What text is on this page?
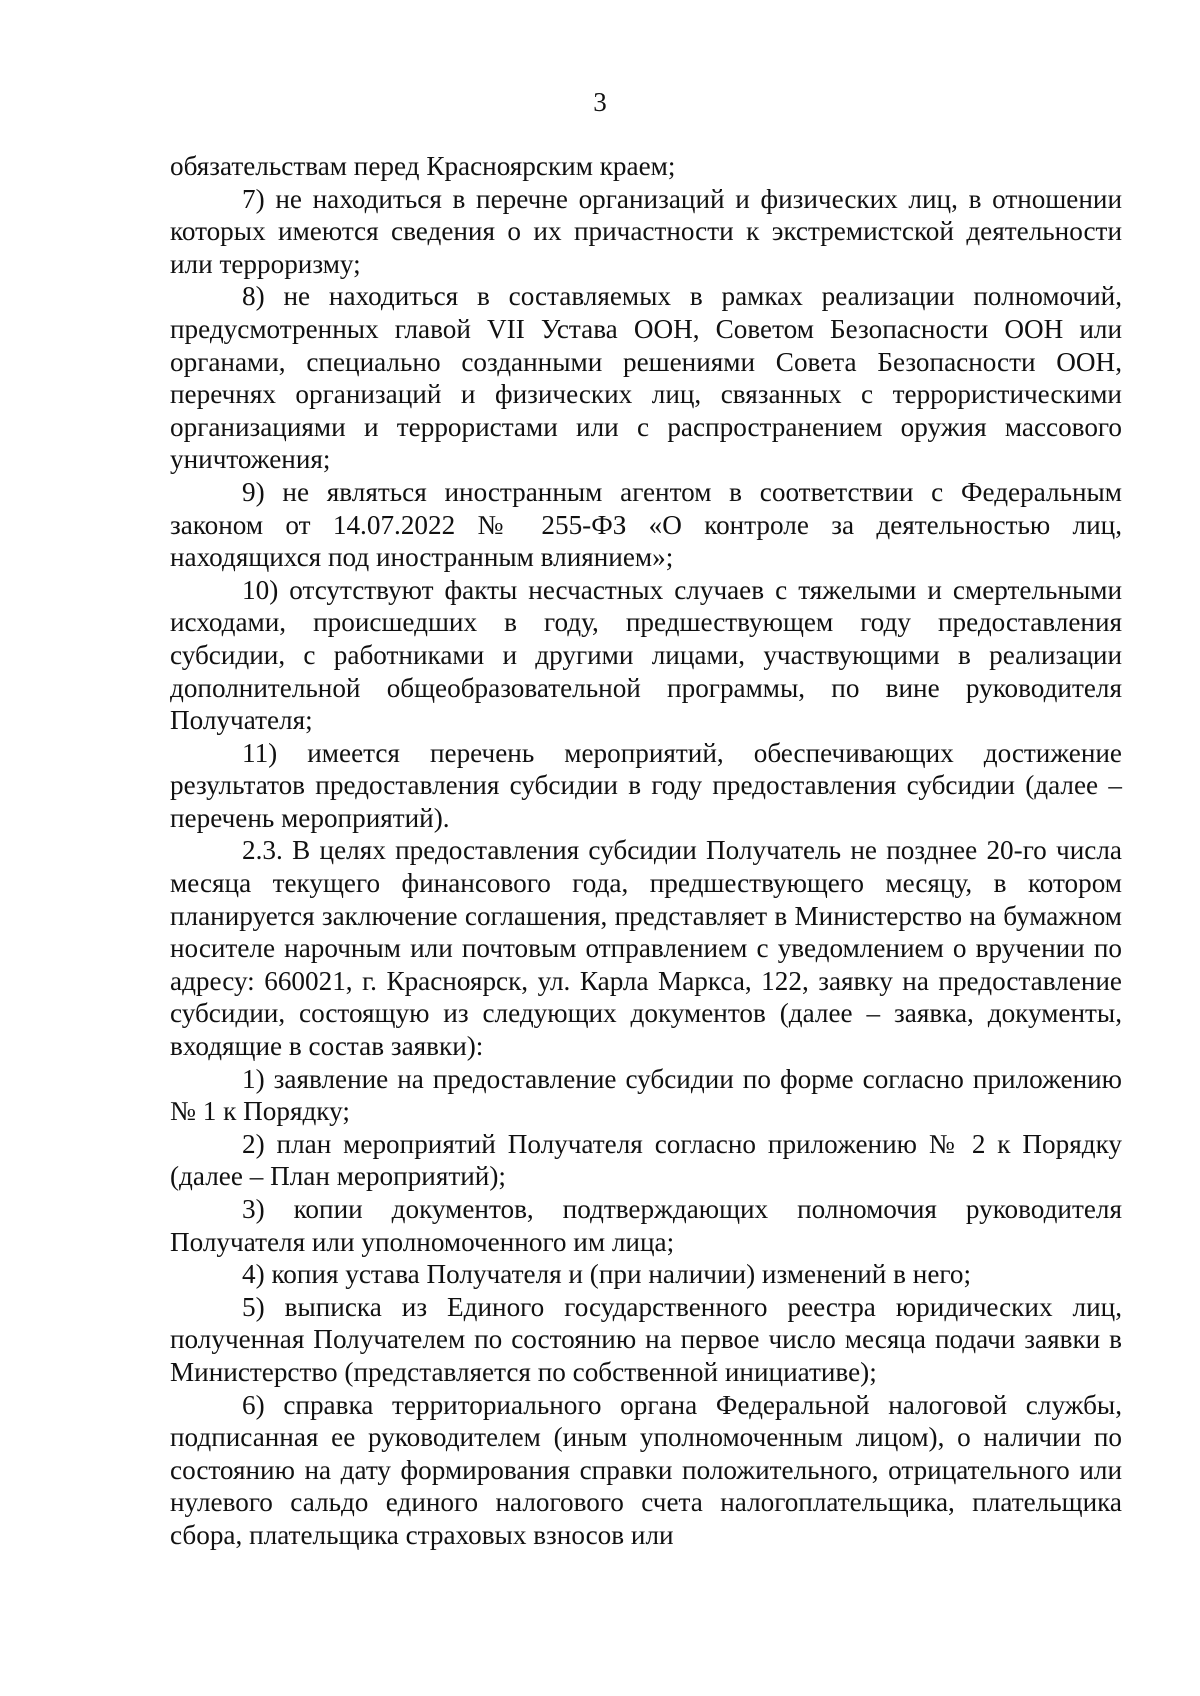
3

обязательствам перед Красноярским краем;

7) не находиться в перечне организаций и физических лиц, в отношении которых имеются сведения о их причастности к экстремистской деятельности или терроризму;

8) не находиться в составляемых в рамках реализации полномочий, предусмотренных главой VII Устава ООН, Советом Безопасности ООН или органами, специально созданными решениями Совета Безопасности ООН, перечнях организаций и физических лиц, связанных с террористическими организациями и террористами или с распространением оружия массового уничтожения;

9) не являться иностранным агентом в соответствии с Федеральным законом от 14.07.2022 № 255-ФЗ «О контроле за деятельностью лиц, находящихся под иностранным влиянием»;

10) отсутствуют факты несчастных случаев с тяжелыми и смертельными исходами, происшедших в году, предшествующем году предоставления субсидии, с работниками и другими лицами, участвующими в реализации дополнительной общеобразовательной программы, по вине руководителя Получателя;

11) имеется перечень мероприятий, обеспечивающих достижение результатов предоставления субсидии в году предоставления субсидии (далее – перечень мероприятий).

2.3. В целях предоставления субсидии Получатель не позднее 20-го числа месяца текущего финансового года, предшествующего месяцу, в котором планируется заключение соглашения, представляет в Министерство на бумажном носителе нарочным или почтовым отправлением с уведомлением о вручении по адресу: 660021, г. Красноярск, ул. Карла Маркса, 122, заявку на предоставление субсидии, состоящую из следующих документов (далее – заявка, документы, входящие в состав заявки):

1) заявление на предоставление субсидии по форме согласно приложению № 1 к Порядку;

2) план мероприятий Получателя согласно приложению № 2 к Порядку (далее – План мероприятий);

3) копии документов, подтверждающих полномочия руководителя Получателя или уполномоченного им лица;

4) копия устава Получателя и (при наличии) изменений в него;

5) выписка из Единого государственного реестра юридических лиц, полученная Получателем по состоянию на первое число месяца подачи заявки в Министерство (представляется по собственной инициативе);

6) справка территориального органа Федеральной налоговой службы, подписанная ее руководителем (иным уполномоченным лицом), о наличии по состоянию на дату формирования справки положительного, отрицательного или нулевого сальдо единого налогового счета налогоплательщика, плательщика сбора, плательщика страховых взносов или
